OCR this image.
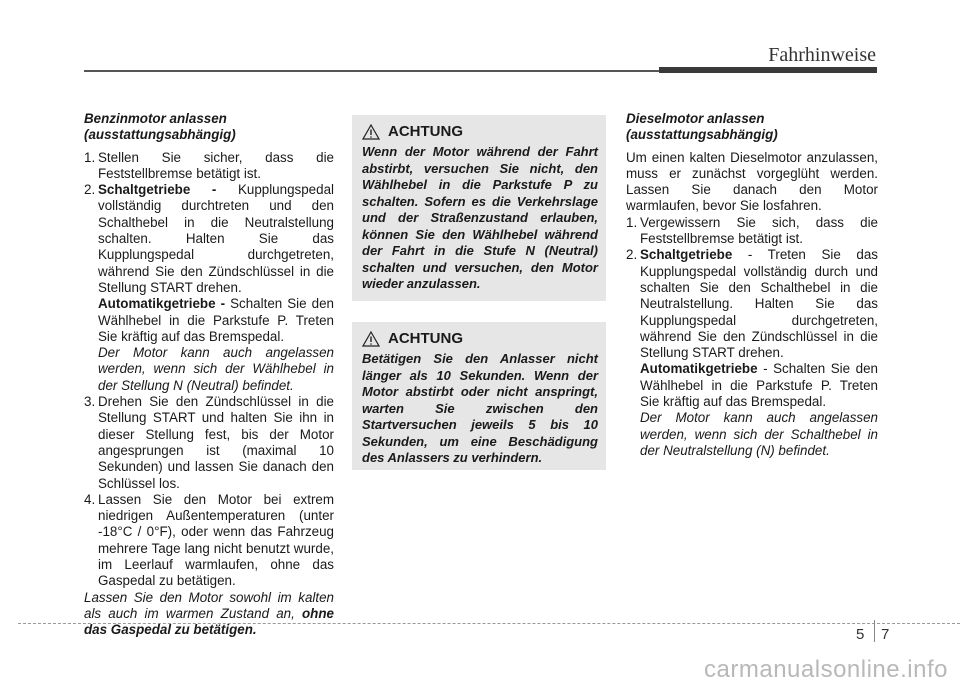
Fahrhinweise

Benzinmotor anlassen

(ausstattungsabhängig)

1. Stellen Sie sicher, dass die Feststellbremse betätigt ist.

2. Schaltgetriebe - Kupplungspedal vollständig durchtreten und den Schalthebel in die Neutralstellung schalten. Halten Sie das Kupplungspedal durchgetreten, während Sie den Zündschlüssel in die Stellung START drehen.

Automatikgetriebe - Schalten Sie den Wählhebel in die Parkstufe P. Treten Sie kräftig auf das Bremspedal.

Der Motor kann auch angelassen werden, wenn sich der Wählhebel in der Stellung N (Neutral) befindet.

3. Drehen Sie den Zündschlüssel in die Stellung START und halten Sie ihn in dieser Stellung fest, bis der Motor angesprungen ist (maximal 10 Sekunden) und lassen Sie danach den Schlüssel los.

4. Lassen Sie den Motor bei extrem niedrigen Außentemperaturen (unter -18°C / 0°F), oder wenn das Fahrzeug mehrere Tage lang nicht benutzt wurde, im Leerlauf warmlaufen, ohne das Gaspedal zu betätigen.

Lassen Sie den Motor sowohl im kalten als auch im warmen Zustand an, ohne das Gaspedal zu betätigen.

ACHTUNG

Wenn der Motor während der Fahrt abstirbt, versuchen Sie nicht, den Wählhebel in die Parkstufe P zu schalten. Sofern es die Verkehrslage und der Straßenzustand erlauben, können Sie den Wählhebel während der Fahrt in die Stufe N (Neutral) schalten und versuchen, den Motor wieder anzulassen.

ACHTUNG

Betätigen Sie den Anlasser nicht länger als 10 Sekunden. Wenn der Motor abstirbt oder nicht anspringt, warten Sie zwischen den Startversuchen jeweils 5 bis 10 Sekunden, um eine Beschädigung des Anlassers zu verhindern.

Dieselmotor anlassen

(ausstattungsabhängig)

Um einen kalten Dieselmotor anzulassen, muss er zunächst vorgeglüht werden. Lassen Sie danach den Motor warmlaufen, bevor Sie losfahren.

1. Vergewissern Sie sich, dass die Feststellbremse betätigt ist.

2. Schaltgetriebe - Treten Sie das Kupplungspedal vollständig durch und schalten Sie den Schalthebel in die Neutralstellung. Halten Sie das Kupplungspedal durchgetreten, während Sie den Zündschlüssel in die Stellung START drehen.

Automatikgetriebe - Schalten Sie den Wählhebel in die Parkstufe P. Treten Sie kräftig auf das Bremspedal.

Der Motor kann auch angelassen werden, wenn sich der Schalthebel in der Neutralstellung (N) befindet.

5 7
carmanualsonline.info
